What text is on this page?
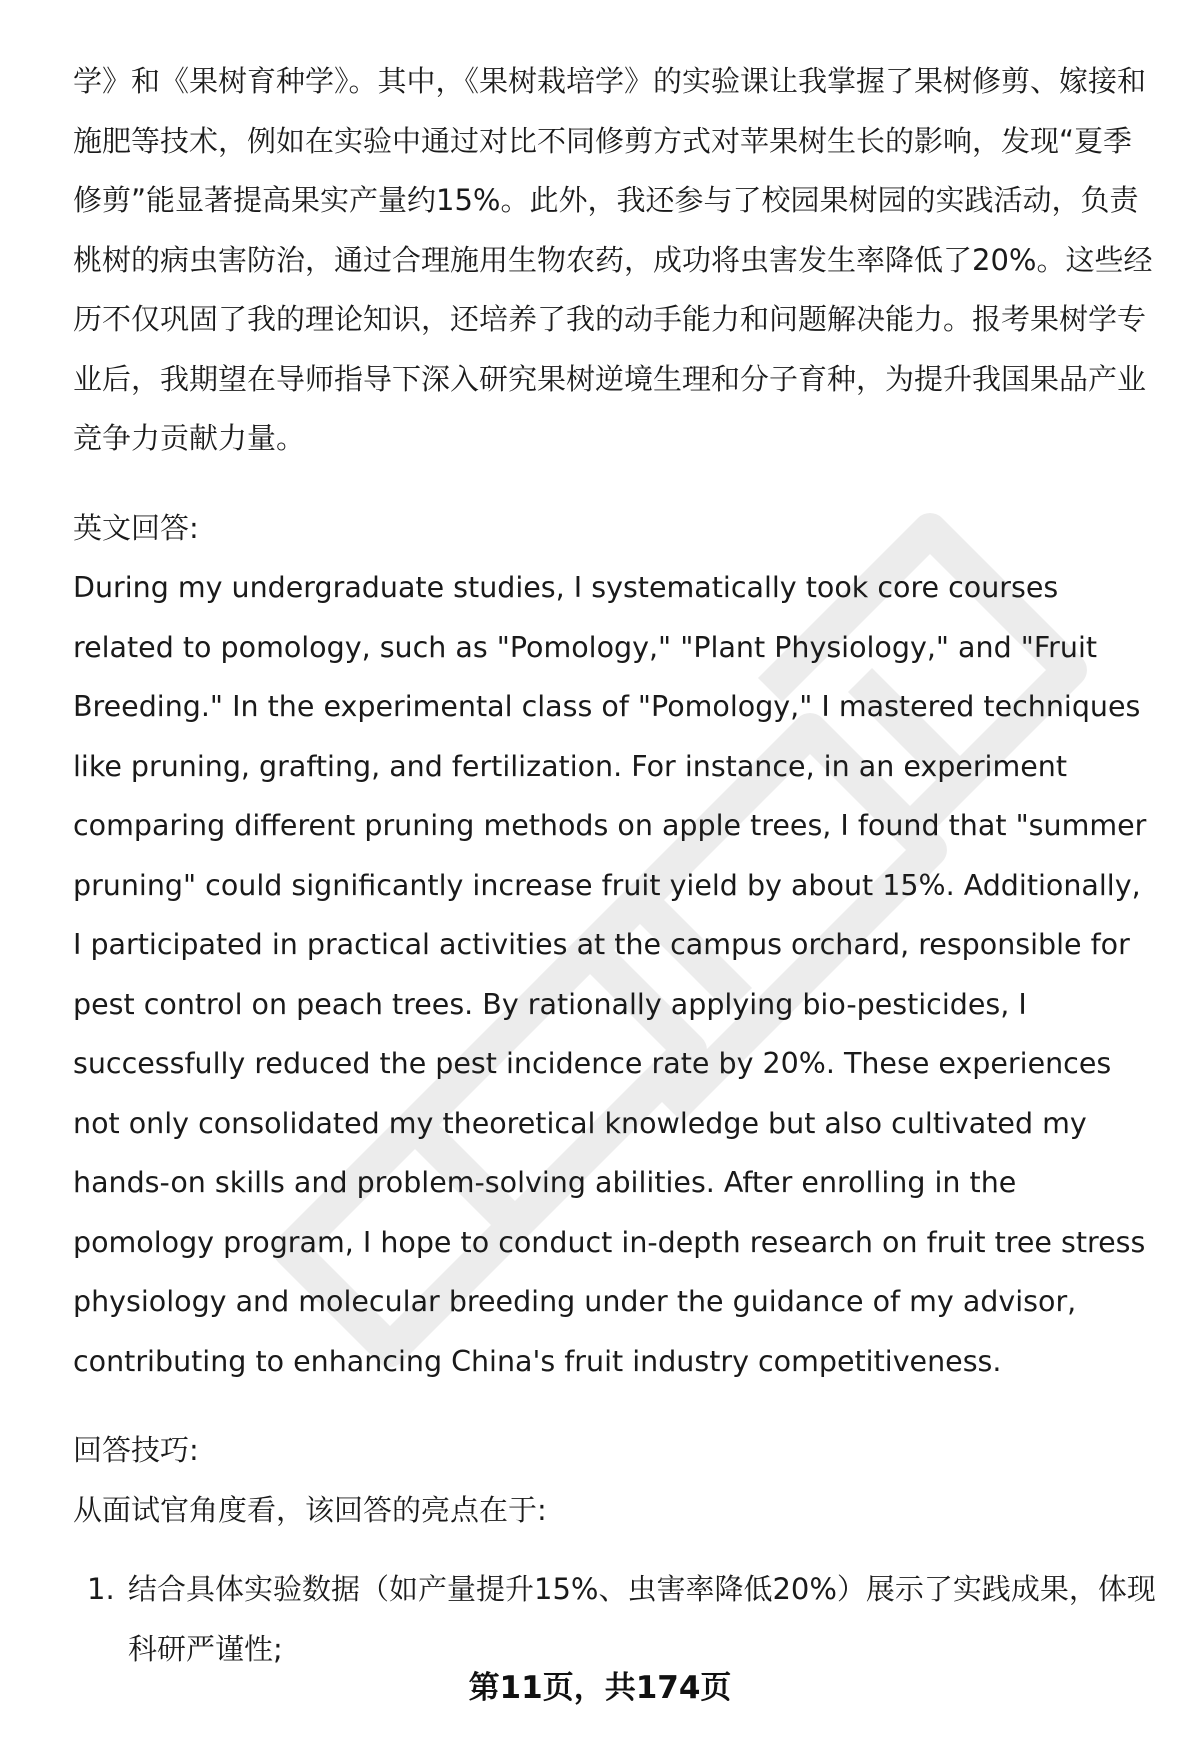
学》和《果树育种学》。其中，《果树栽培学》的实验课让我掌握了果树修剪、嫁接和施肥等技术，例如在实验中通过对比不同修剪方式对苹果树生长的影响，发现“夏季修剪”能显著提高果实产量约15%。此外，我还参与了校园果树园的实践活动，负责桃树的病虫害防治，通过合理施用生物农药，成功将虫害发生率降低了20%。这些经历不仅巩固了我的理论知识，还培养了我的动手能力和问题解决能力。报考果树学专业后，我期望在导师指导下深入研究果树逆境生理和分子育种，为提升我国果品产业竞争力贡献力量。

英文回答:

During my undergraduate studies, I systematically took core courses related to pomology, such as "Pomology," "Plant Physiology," and "Fruit Breeding." In the experimental class of "Pomology," I mastered techniques like pruning, grafting, and fertilization. For instance, in an experiment comparing different pruning methods on apple trees, I found that "summer pruning" could significantly increase fruit yield by about 15%. Additionally, I participated in practical activities at the campus orchard, responsible for pest control on peach trees. By rationally applying bio-pesticides, I successfully reduced the pest incidence rate by 20%. These experiences not only consolidated my theoretical knowledge but also cultivated my hands-on skills and problem-solving abilities. After enrolling in the pomology program, I hope to conduct in-depth research on fruit tree stress physiology and molecular breeding under the guidance of my advisor, contributing to enhancing China's fruit industry competitiveness.

回答技巧:

从面试官角度看，该回答的亮点在于:

1. 结合具体实验数据（如产量提升15%、虫害率降低20%）展示了实践成果，体现科研严谨性;
第11页，共174页
